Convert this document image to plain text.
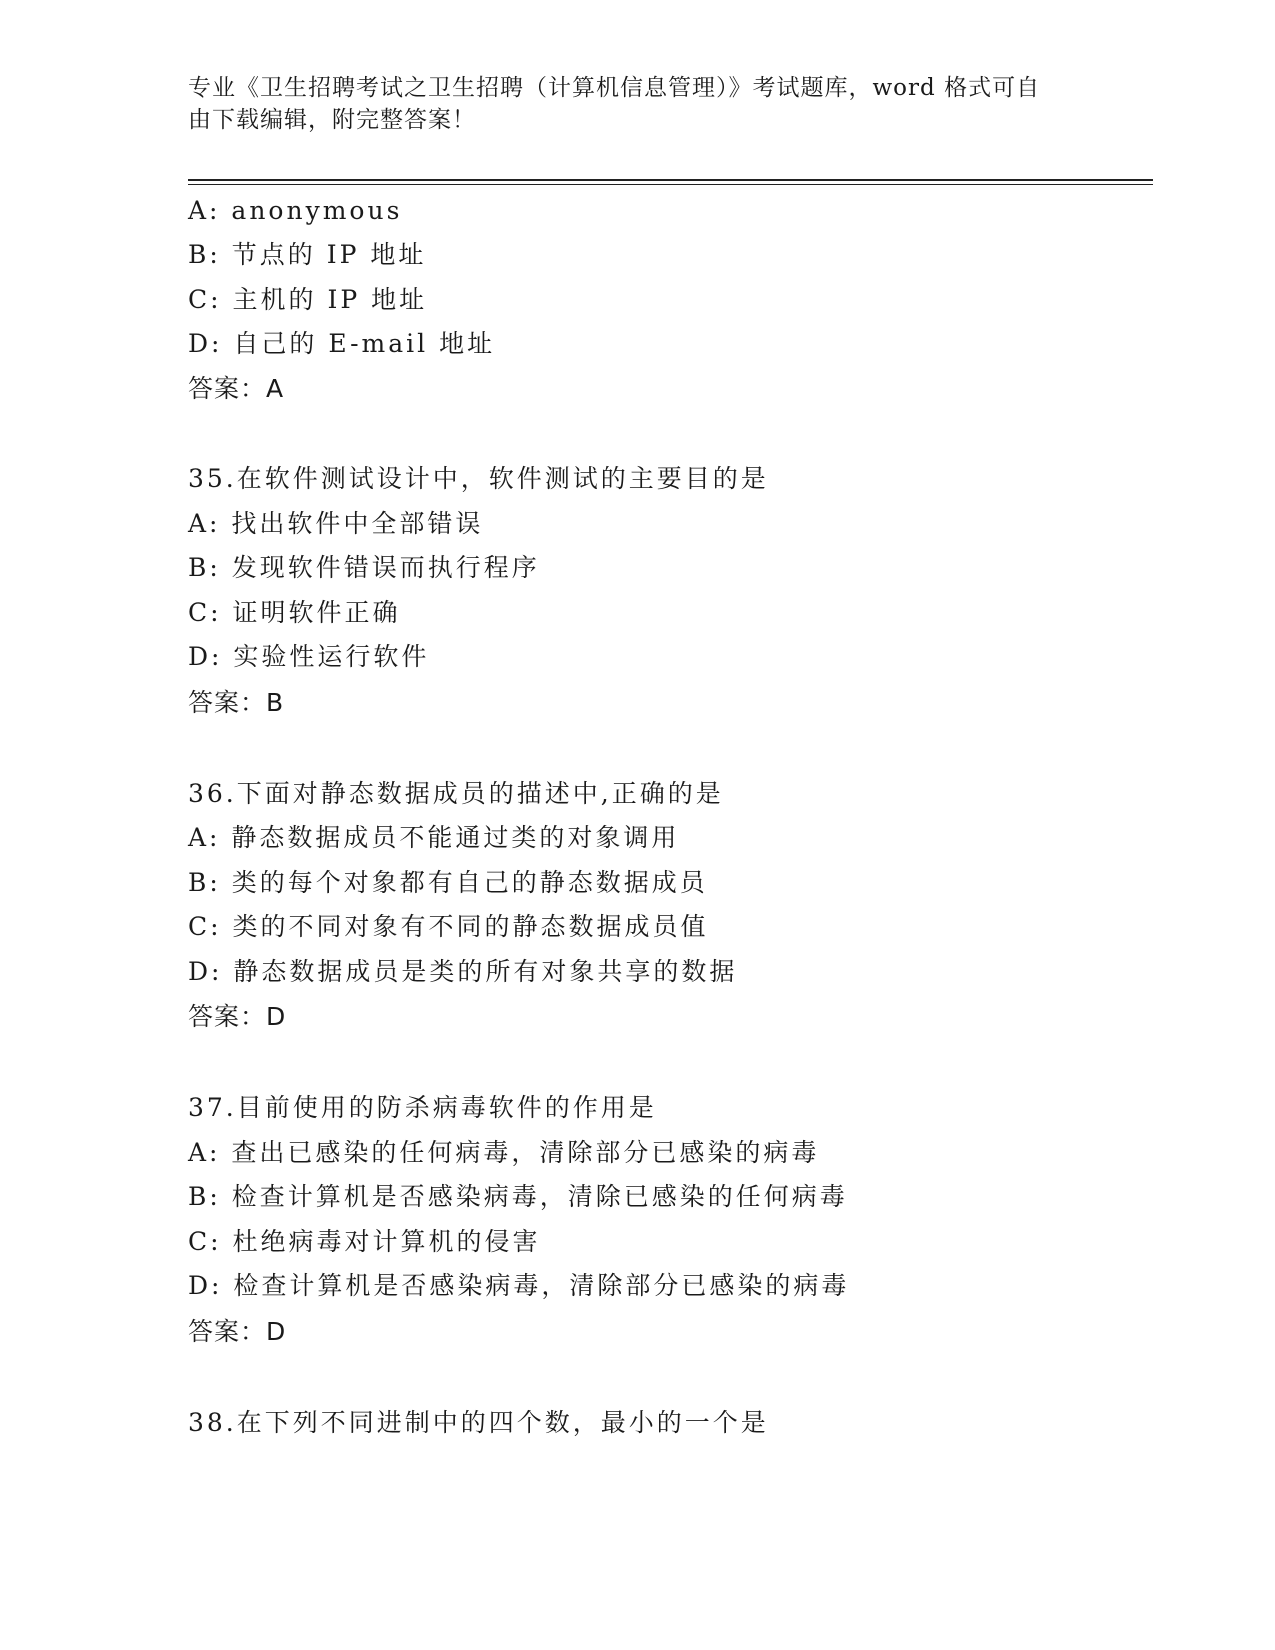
专业《卫生招聘考试之卫生招聘（计算机信息管理）》考试题库，word 格式可自
由下载编辑，附完整答案！
A: anonymous
B: 节点的 IP 地址
C: 主机的 IP 地址
D: 自己的 E-mail 地址
答案：A
35.在软件测试设计中，软件测试的主要目的是
A: 找出软件中全部错误
B: 发现软件错误而执行程序
C: 证明软件正确
D: 实验性运行软件
答案：B
36.下面对静态数据成员的描述中,正确的是
A: 静态数据成员不能通过类的对象调用
B: 类的每个对象都有自己的静态数据成员
C: 类的不同对象有不同的静态数据成员值
D: 静态数据成员是类的所有对象共享的数据
答案：D
37.目前使用的防杀病毒软件的作用是
A: 查出已感染的任何病毒，清除部分已感染的病毒
B: 检查计算机是否感染病毒，清除已感染的任何病毒
C: 杜绝病毒对计算机的侵害
D: 检查计算机是否感染病毒，清除部分已感染的病毒
答案：D
38.在下列不同进制中的四个数，最小的一个是
